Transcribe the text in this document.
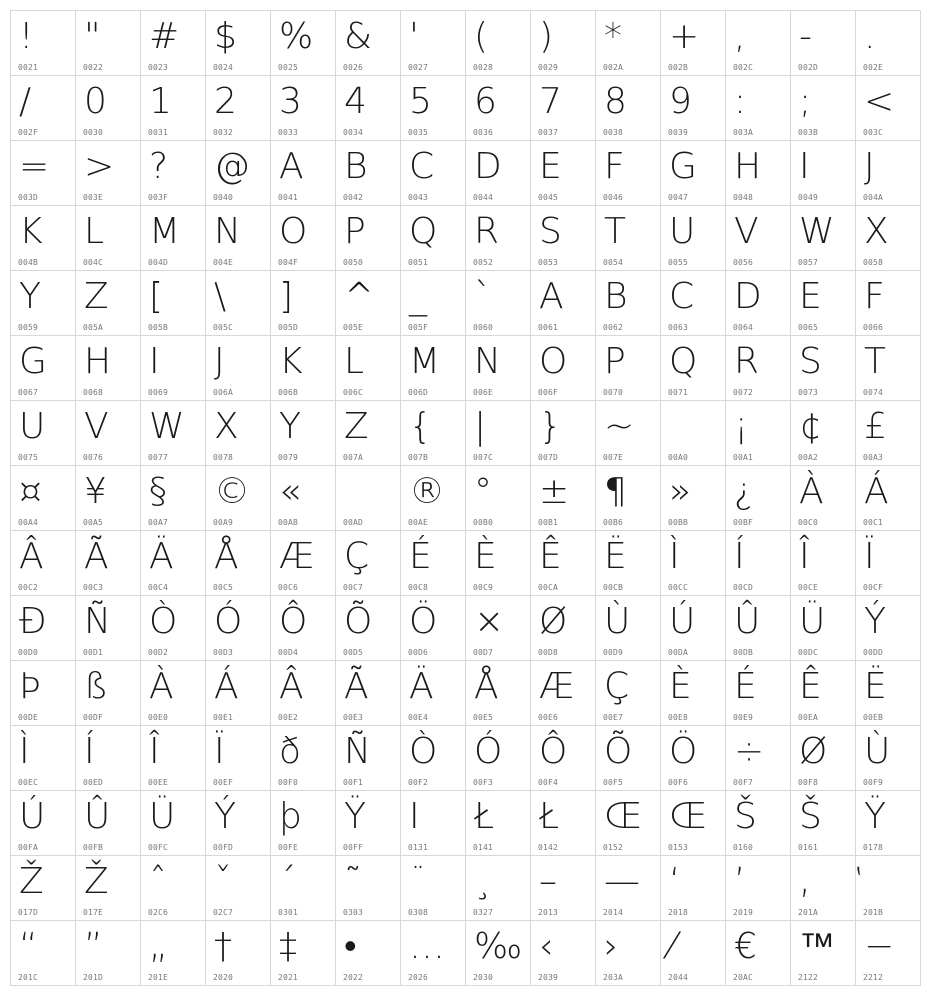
!
0021
"
0022
#
0023
$
0024
%
0025
&
0026
'
0027
(
0028
)
0029
*
002A
+
002B
,
002C
-
002D
.
002E
/
002F
0
0030
1
0031
2
0032
3
0033
4
0034
5
0035
6
0036
7
0037
8
0038
9
0039
:
003A
;
003B
<
003C
=
003D
>
003E
?
003F
@
0040
A
0041
B
0042
C
0043
D
0044
E
0045
F
0046
G
0047
H
0048
I
0049
J
004A
K
004B
L
004C
M
004D
N
004E
O
004F
P
0050
Q
0051
R
0052
S
0053
T
0054
U
0055
V
0056
W
0057
X
0058
Y
0059
Z
005A
[
005B
\
005C
]
005D
^
005E
_
005F
`
0060
A
0061
B
0062
C
0063
D
0064
E
0065
F
0066
G
0067
H
0068
I
0069
J
006A
K
006B
L
006C
M
006D
N
006E
O
006F
P
0070
Q
0071
R
0072
S
0073
T
0074
U
0075
V
0076
W
0077
X
0078
Y
0079
Z
007A
{
007B
|
007C
}
007D
~
007E	00A0
¡
00A1
¢
00A2
£
00A3
¤
00A4
¥
00A5
§
00A7
©
00A9
«
00AB	00AD
®
00AE
°
00B0
±
00B1
¶
00B6
»
00BB
¿
00BF
À
00C0
Á
00C1
Â
00C2
Ã
00C3
Ä
00C4
Å
00C5
Æ
00C6
Ç
00C7
É
00C8
È
00C9
Ê
00CA
Ë
00CB
Ì
00CC
Í
00CD
Î
00CE
Ï
00CF
Đ
00D0
Ñ
00D1
Ò
00D2
Ó
00D3
Ô
00D4
Õ
00D5
Ö
00D6
×
00D7
Ø
00D8
Ù
00D9
Ú
00DA
Û
00DB
Ü
00DC
Ý
00DD
Þ
00DE
ß
00DF
À
00E0
Á
00E1
Â
00E2
Ã
00E3
Ä
00E4
Å
00E5
Æ
00E6
Ç
00E7
È
00E8
É
00E9
Ê
00EA
Ë
00EB
Ì
00EC
Í
00ED
Î
00EE
Ï
00EF
ð
00F0
Ñ
00F1
Ò
00F2
Ó
00F3
Ô
00F4
Õ
00F5
Ö
00F6
÷
00F7
Ø
00F8
Ù
00F9
Ú
00FA
Û
00FB
Ü
00FC
Ý
00FD
þ
00FE
Ÿ
00FF
I
0131
Ł
0141
Ł
0142
Œ
0152
Œ
0153
Š
0160
Š
0161
Ÿ
0178
Ž
017D
Ž
017E
ˆ
02C6
ˇ
02C7
ˊ
0301
˜
0303
¨
0308
¸
0327
–
2013
—
2014
‘
2018
’
2019
‚
201A
‛
201B
“
201C
”
201D
„
201E
†
2020
‡
2021
•
2022
…
2026
‰
2030
‹
2039
›
203A
⁄
2044
€
20AC
™
2122
−
2212
